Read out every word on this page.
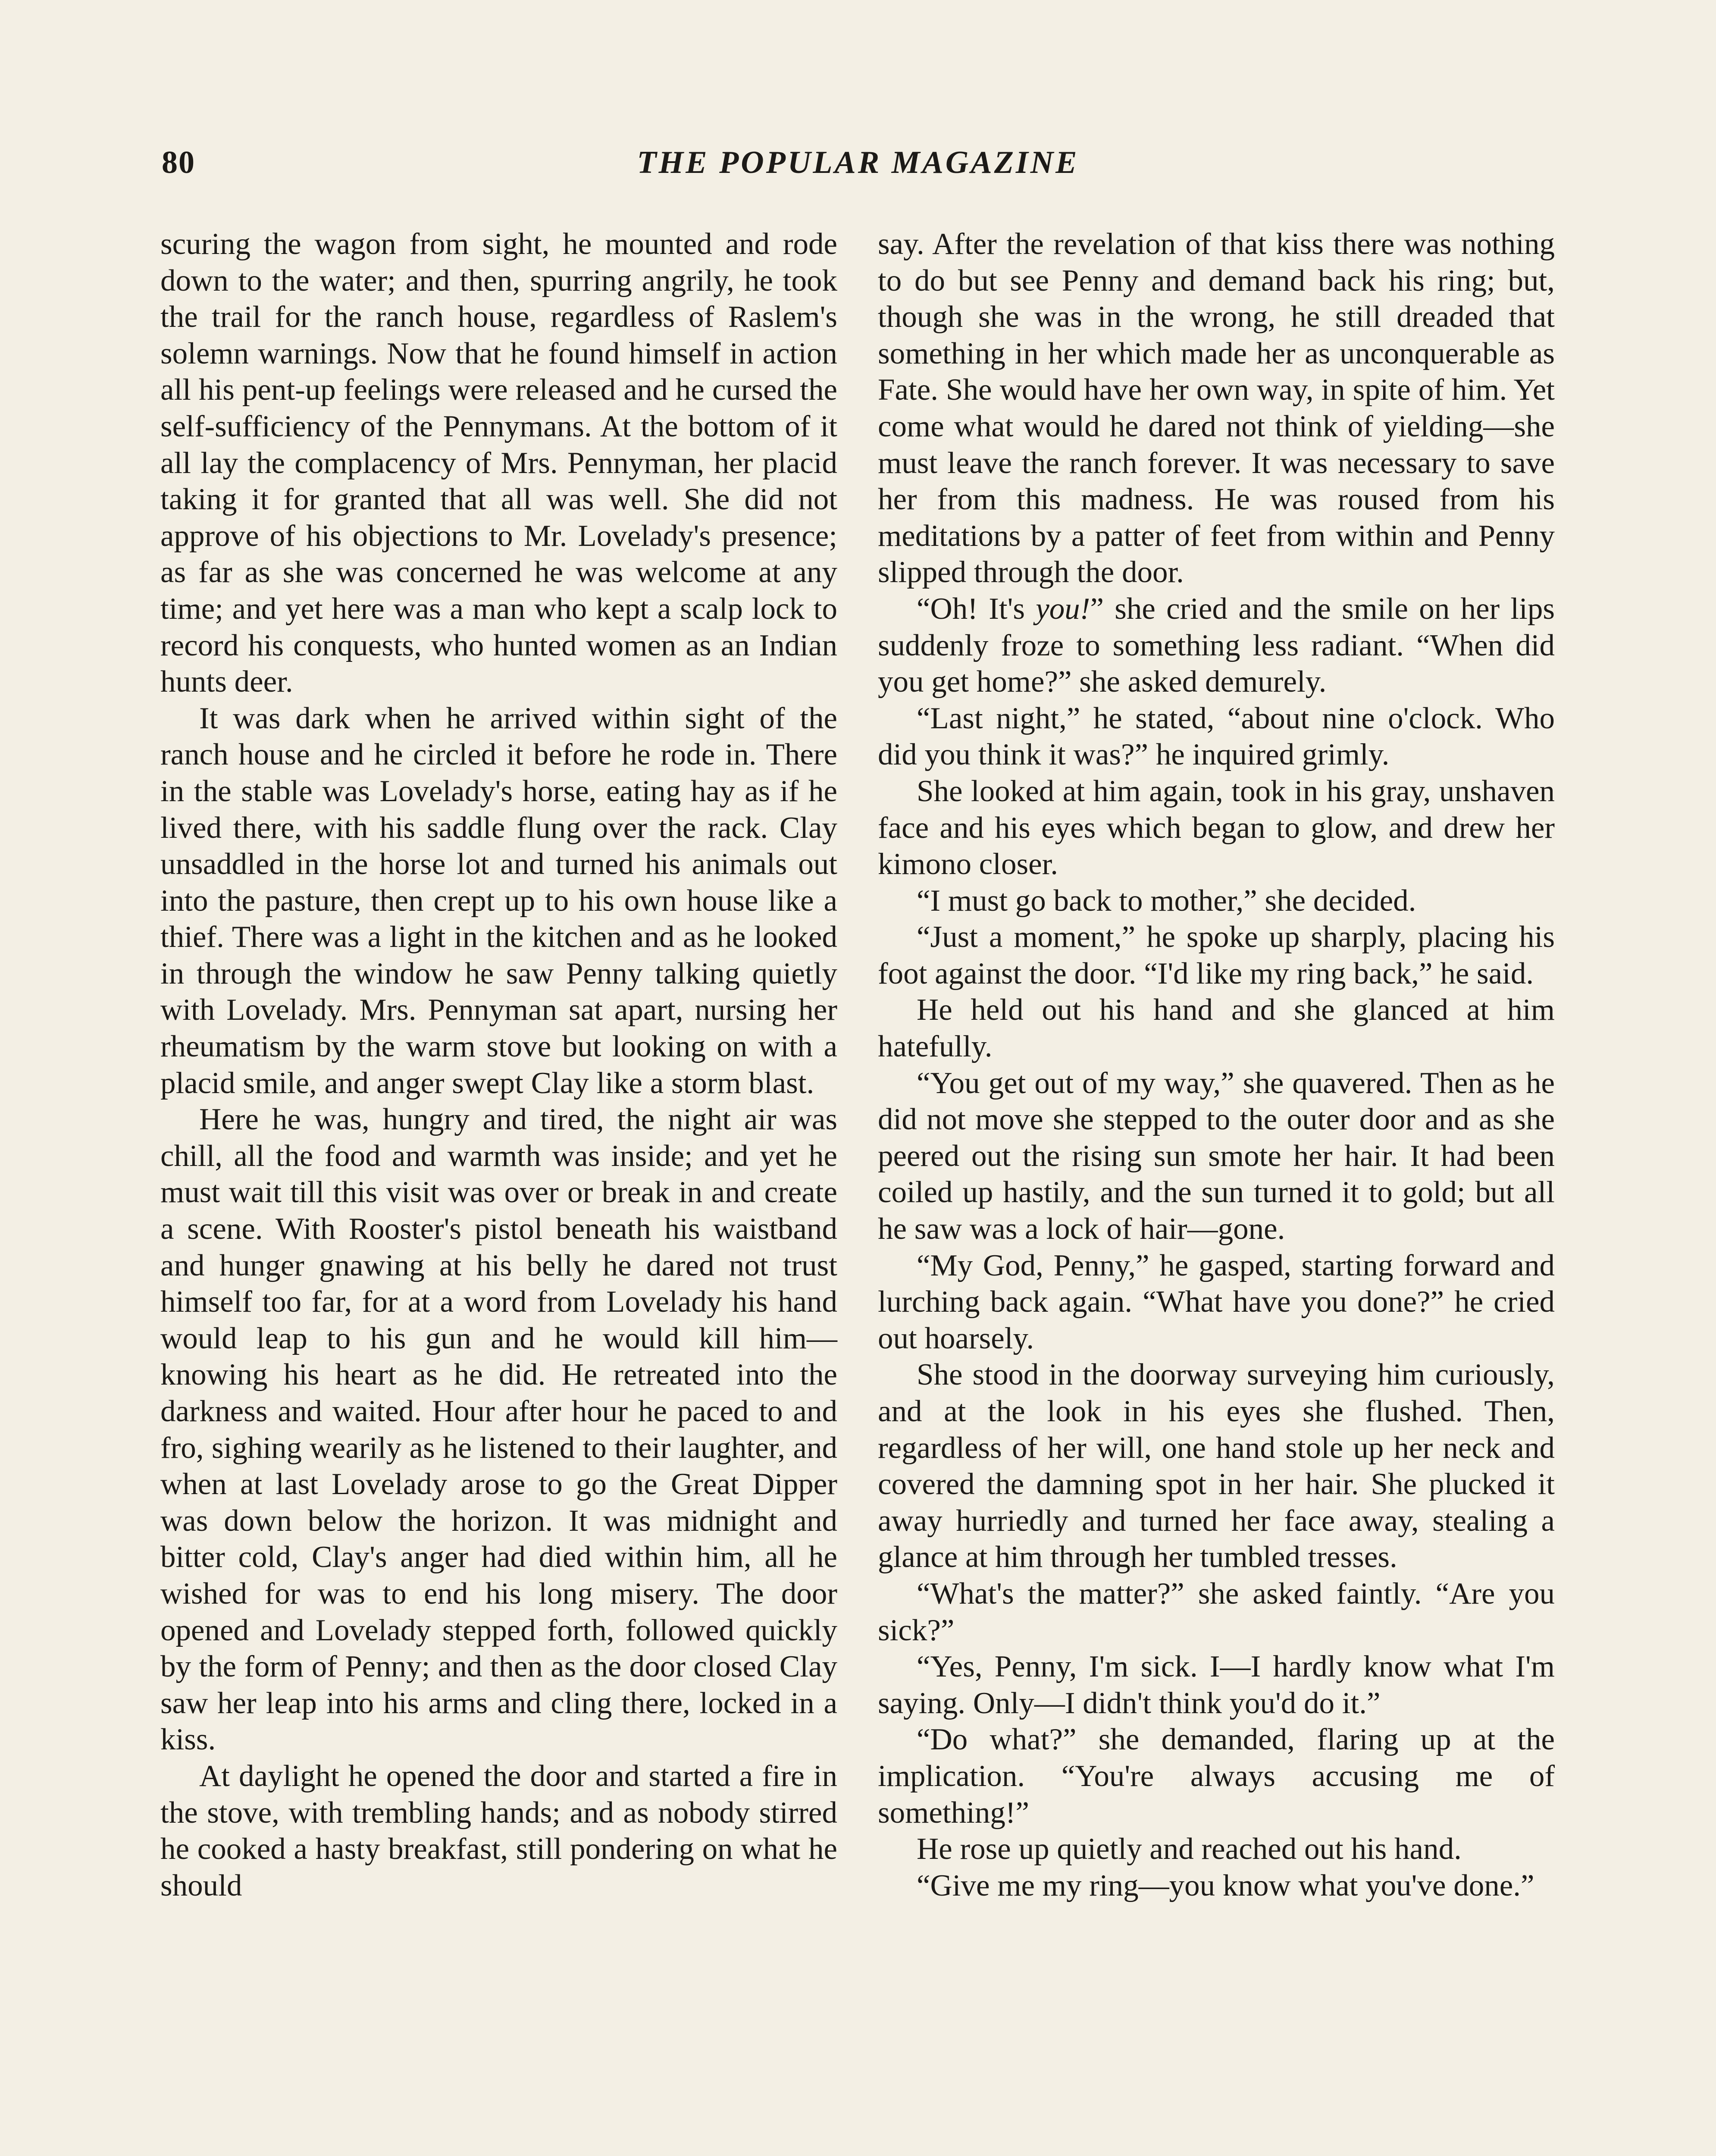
80	THE POPULAR MAGAZINE

scuring the wagon from sight, he mounted and rode down to the water; and then, spurring angrily, he took the trail for the ranch house, regardless of Raslem's solemn warnings. Now that he found himself in action all his pent-up feelings were released and he cursed the self-sufficiency of the Pennymans. At the bottom of it all lay the complacency of Mrs. Pennyman, her placid taking it for granted that all was well. She did not approve of his objections to Mr. Lovelady's presence; as far as she was concerned he was welcome at any time; and yet here was a man who kept a scalp lock to record his conquests, who hunted women as an Indian hunts deer.

It was dark when he arrived within sight of the ranch house and he circled it before he rode in. There in the stable was Lovelady's horse, eating hay as if he lived there, with his saddle flung over the rack. Clay unsaddled in the horse lot and turned his animals out into the pasture, then crept up to his own house like a thief. There was a light in the kitchen and as he looked in through the window he saw Penny talking quietly with Lovelady. Mrs. Pennyman sat apart, nursing her rheumatism by the warm stove but looking on with a placid smile, and anger swept Clay like a storm blast.

Here he was, hungry and tired, the night air was chill, all the food and warmth was inside; and yet he must wait till this visit was over or break in and create a scene. With Rooster's pistol beneath his waistband and hunger gnawing at his belly he dared not trust himself too far, for at a word from Lovelady his hand would leap to his gun and he would kill him—knowing his heart as he did. He retreated into the darkness and waited. Hour after hour he paced to and fro, sighing wearily as he listened to their laughter, and when at last Lovelady arose to go the Great Dipper was down below the horizon. It was midnight and bitter cold, Clay's anger had died within him, all he wished for was to end his long misery. The door opened and Lovelady stepped forth, followed quickly by the form of Penny; and then as the door closed Clay saw her leap into his arms and cling there, locked in a kiss.

At daylight he opened the door and started a fire in the stove, with trembling hands; and as nobody stirred he cooked a hasty breakfast, still pondering on what he should

say. After the revelation of that kiss there was nothing to do but see Penny and demand back his ring; but, though she was in the wrong, he still dreaded that something in her which made her as unconquerable as Fate. She would have her own way, in spite of him. Yet come what would he dared not think of yielding—she must leave the ranch forever. It was necessary to save her from this madness. He was roused from his meditations by a patter of feet from within and Penny slipped through the door.

“Oh! It's you!” she cried and the smile on her lips suddenly froze to something less radiant. “When did you get home?” she asked demurely.

“Last night,” he stated, “about nine o'clock. Who did you think it was?” he inquired grimly.

She looked at him again, took in his gray, unshaven face and his eyes which began to glow, and drew her kimono closer.

“I must go back to mother,” she decided.

“Just a moment,” he spoke up sharply, placing his foot against the door. “I'd like my ring back,” he said.

He held out his hand and she glanced at him hatefully.

“You get out of my way,” she quavered. Then as he did not move she stepped to the outer door and as she peered out the rising sun smote her hair. It had been coiled up hastily, and the sun turned it to gold; but all he saw was a lock of hair—gone.

“My God, Penny,” he gasped, starting forward and lurching back again. “What have you done?” he cried out hoarsely.

She stood in the doorway surveying him curiously, and at the look in his eyes she flushed. Then, regardless of her will, one hand stole up her neck and covered the damning spot in her hair. She plucked it away hurriedly and turned her face away, stealing a glance at him through her tumbled tresses.

“What's the matter?” she asked faintly. “Are you sick?”

“Yes, Penny, I'm sick. I—I hardly know what I'm saying. Only—I didn't think you'd do it.”

“Do what?” she demanded, flaring up at the implication. “You're always accusing me of something!”

He rose up quietly and reached out his hand.

“Give me my ring—you know what you've done.”
